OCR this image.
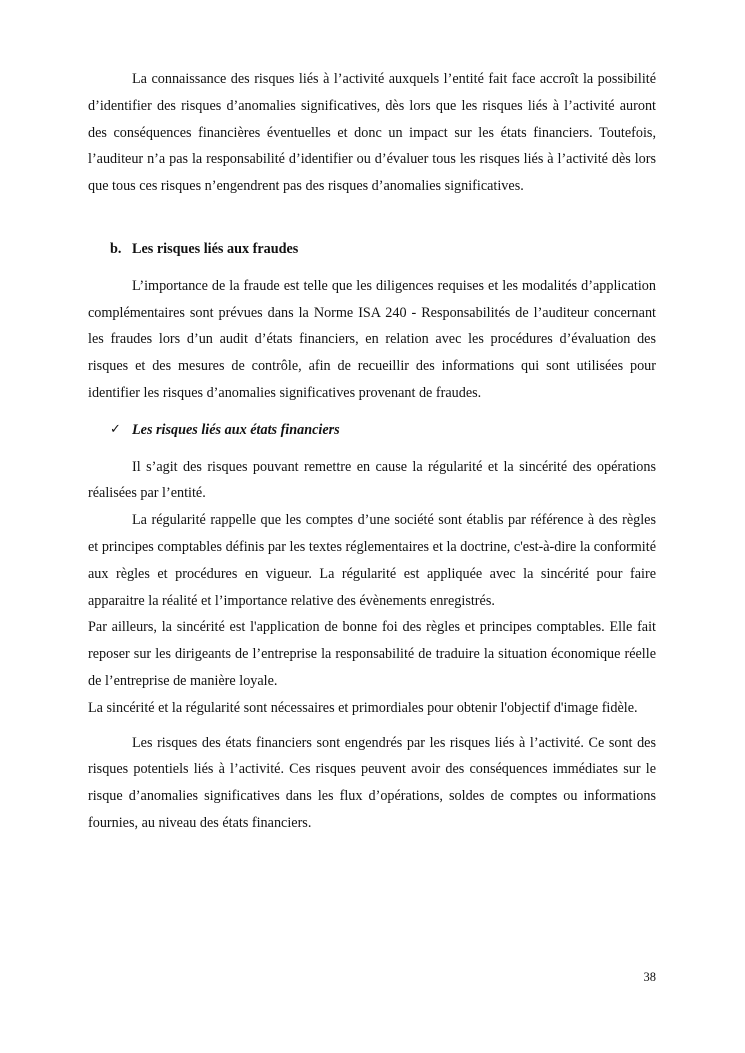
La connaissance des risques liés à l’activité auxquels l’entité fait face accroît la possibilité d’identifier des risques d’anomalies significatives, dès lors que les risques liés à l’activité auront des conséquences financières éventuelles et donc un impact sur les états financiers. Toutefois, l’auditeur n’a pas la responsabilité d’identifier ou d’évaluer tous les risques liés à l’activité dès lors que tous ces risques n’engendrent pas des risques d’anomalies significatives.

b. Les risques liés aux fraudes

L’importance de la fraude est telle que les diligences requises et les modalités d’application complémentaires sont prévues dans la Norme ISA 240 - Responsabilités de l’auditeur concernant les fraudes lors d’un audit d’états financiers, en relation avec les procédures d’évaluation des risques et des mesures de contrôle, afin de recueillir des informations qui sont utilisées pour identifier les risques d’anomalies significatives provenant de fraudes.

✓ Les risques liés aux états financiers

Il s’agit des risques pouvant remettre en cause la régularité et la sincérité des opérations réalisées par l’entité.

La régularité rappelle que les comptes d’une société sont établis par référence à des règles et principes comptables définis par les textes réglementaires et la doctrine, c'est-à-dire la conformité aux règles et procédures en vigueur. La régularité est appliquée avec la sincérité pour faire apparaitre la réalité et l’importance relative des évènements enregistrés.

Par ailleurs, la sincérité est l'application de bonne foi des règles et principes comptables. Elle fait reposer sur les dirigeants de l’entreprise la responsabilité de traduire la situation économique réelle de l’entreprise de manière loyale.

La sincérité et la régularité sont nécessaires et primordiales pour obtenir l'objectif d'image fidèle.

Les risques des états financiers sont engendrés par les risques liés à l’activité. Ce sont des risques potentiels liés à l’activité. Ces risques peuvent avoir des conséquences immédiates sur le risque d’anomalies significatives dans les flux d’opérations, soldes de comptes ou informations fournies, au niveau des états financiers.

38
